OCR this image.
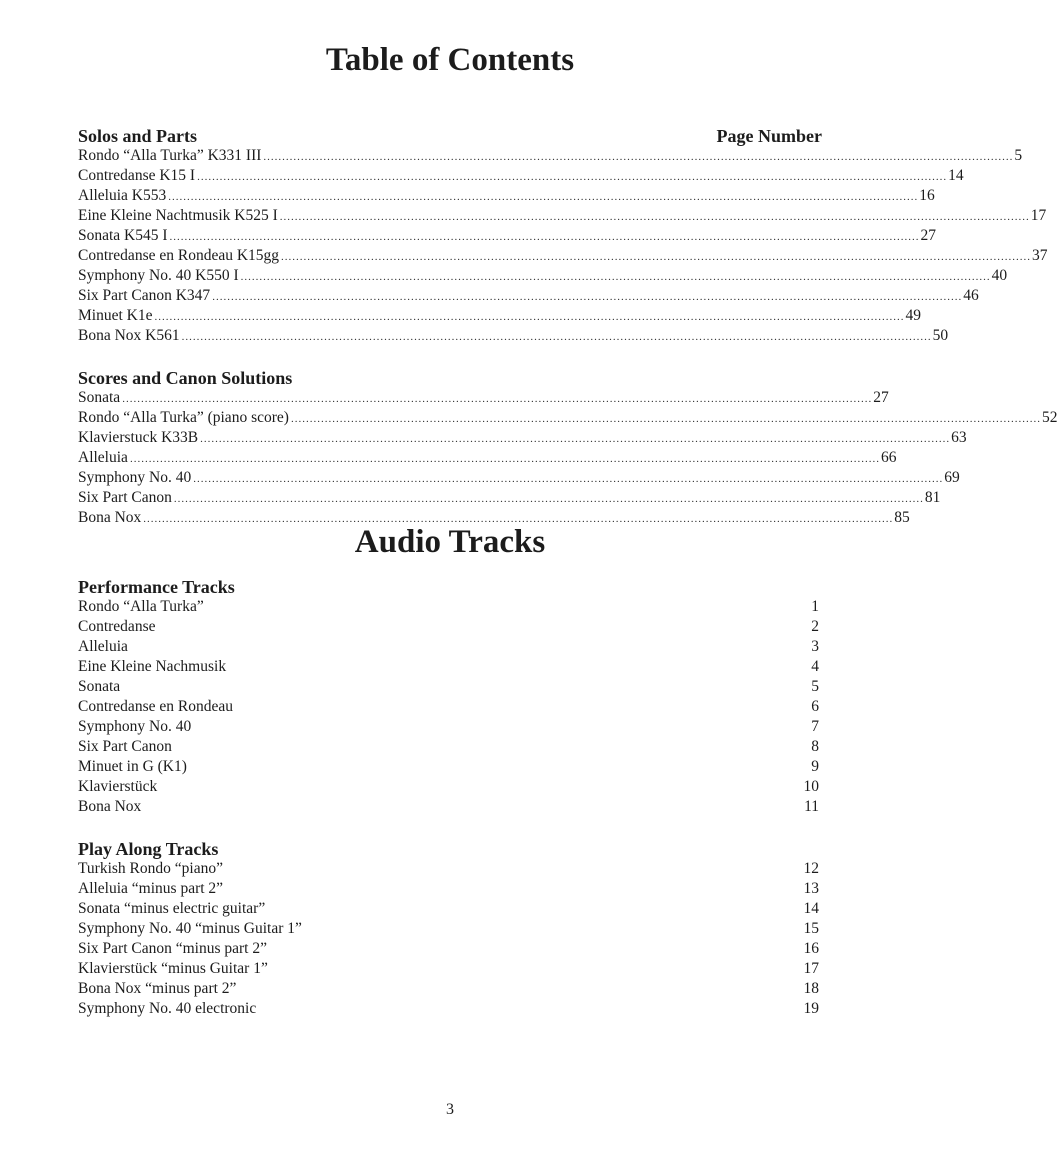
Table of Contents
Solos and Parts	Page Number
Rondo “Alla Turka” K331 III ........................................................................................................................................................................................................ 5
Contredanse K15 I ........................................................................................................................................................................................................ 14
Alleluia K553 ........................................................................................................................................................................................................ 16
Eine Kleine Nachtmusik K525 I ........................................................................................................................................................................................................ 17
Sonata K545 I ........................................................................................................................................................................................................ 27
Contredanse en Rondeau K15gg ........................................................................................................................................................................................................ 37
Symphony No. 40 K550 I ........................................................................................................................................................................................................ 40
Six Part Canon K347 ........................................................................................................................................................................................................ 46
Minuet K1e ........................................................................................................................................................................................................ 49
Bona Nox K561 ........................................................................................................................................................................................................ 50
Scores and Canon Solutions
Sonata ........................................................................................................................................................................................................ 27
Rondo “Alla Turka” (piano score) ........................................................................................................................................................................................................ 52
Klavierstuck K33B ........................................................................................................................................................................................................ 63
Alleluia ........................................................................................................................................................................................................ 66
Symphony No. 40 ........................................................................................................................................................................................................ 69
Six Part Canon ........................................................................................................................................................................................................ 81
Bona Nox ........................................................................................................................................................................................................ 85
Audio Tracks
Performance Tracks
Rondo “Alla Turka”	1
Contredanse	2
Alleluia	3
Eine Kleine Nachmusik	4
Sonata	5
Contredanse en Rondeau	6
Symphony No. 40	7
Six Part Canon	8
Minuet in G (K1)	9
Klavierstück	10
Bona Nox	11
Play Along Tracks
Turkish Rondo “piano”	12
Alleluia “minus part 2”	13
Sonata “minus electric guitar”	14
Symphony No. 40 “minus Guitar 1”	15
Six Part Canon “minus part 2”	16
Klavierstück “minus Guitar 1”	17
Bona Nox “minus part 2”	18
Symphony No. 40 electronic	19
3
